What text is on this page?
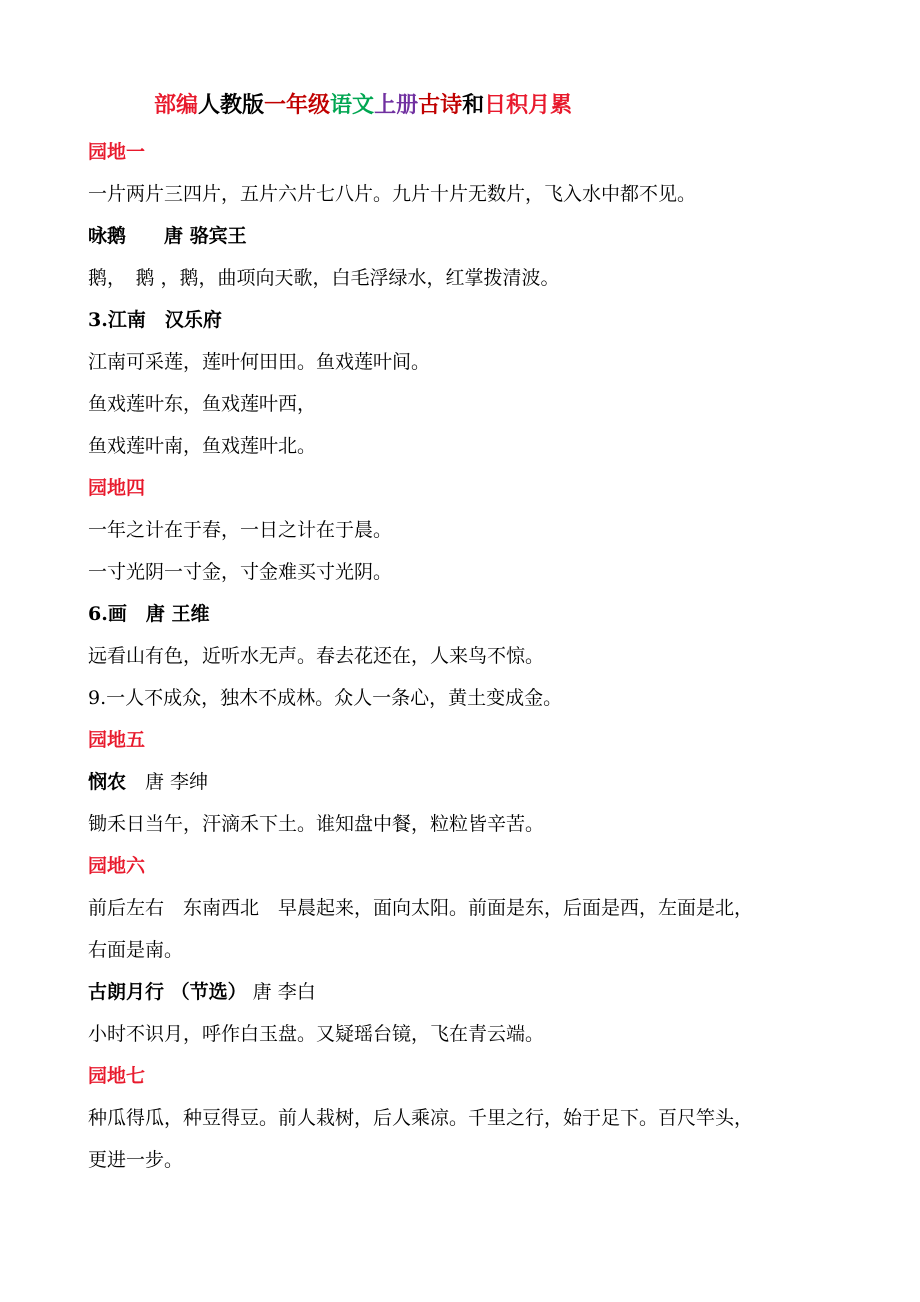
部编人教版一年级语文上册古诗和日积月累
园地一
一片两片三四片，五片六片七八片。九片十片无数片，飞入水中都不见。
咏鹅　　唐 骆宾王
鹅，　鹅 ，鹅，曲项向天歌，白毛浮绿水，红掌拨清波。
3.江南　汉乐府
江南可采莲，莲叶何田田。鱼戏莲叶间。
鱼戏莲叶东，鱼戏莲叶西，
鱼戏莲叶南，鱼戏莲叶北。
园地四
一年之计在于春，一日之计在于晨。
一寸光阴一寸金，寸金难买寸光阴。
6.画　唐 王维
远看山有色，近听水无声。春去花还在，人来鸟不惊。
9.一人不成众，独木不成林。众人一条心，黄土变成金。
园地五
悯农　唐 李绅
锄禾日当午，汗滴禾下土。谁知盘中餐，粒粒皆辛苦。
园地六
前后左右　东南西北　早晨起来，面向太阳。前面是东，后面是西，左面是北，
右面是南。
古朗月行 （节选） 唐 李白
小时不识月，呼作白玉盘。又疑瑶台镜，飞在青云端。
园地七
种瓜得瓜，种豆得豆。前人栽树，后人乘凉。千里之行，始于足下。百尺竿头，
更进一步。
